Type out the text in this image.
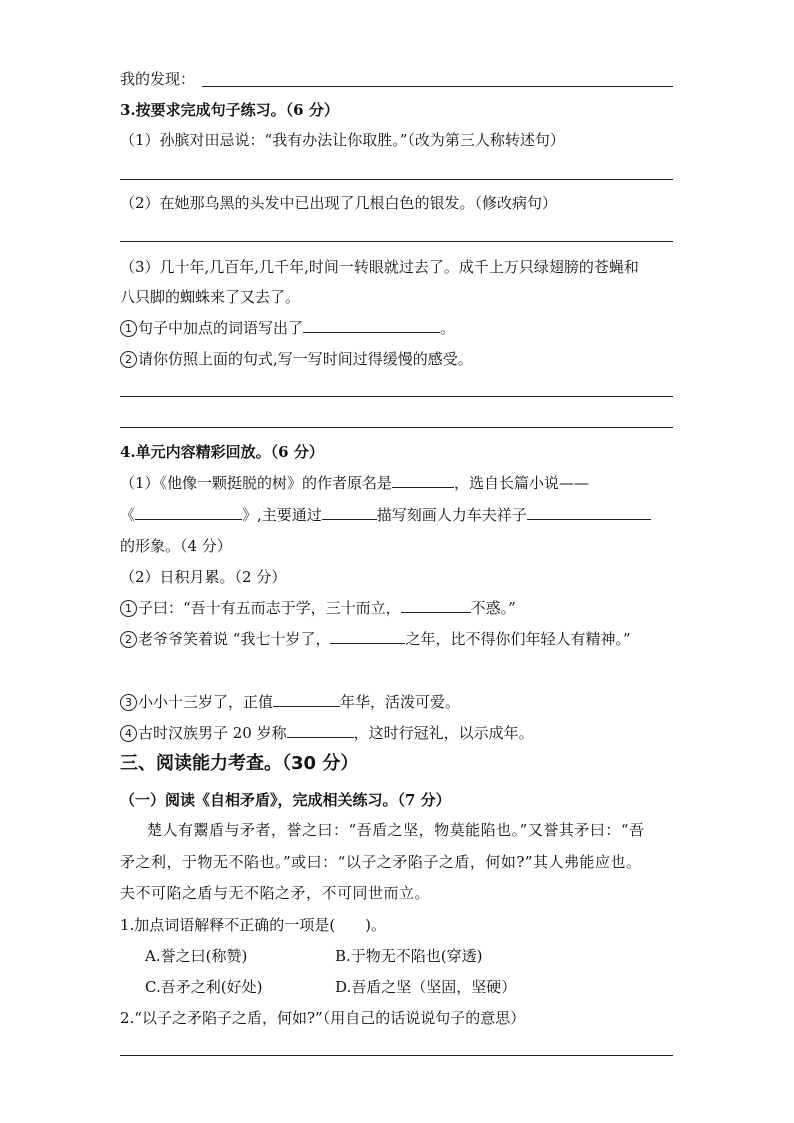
我的发现：
3.按要求完成句子练习。（6 分）
（1）孙膑对田忌说：“我有办法让你取胜。”（改为第三人称转述句）
（2）在她那乌黑的头发中已出现了几根白色的银发。（修改病句）
（3）几十年,几百年,几千年,时间一转眼就过去了。成千上万只绿翅膀的苍蝇和
八只脚的蜘蛛来了又去了。
1 句子中加点的词语写出了	。
2 请你仿照上面的句式,写一写时间过得缓慢的感受。
4.单元内容精彩回放。（6 分）
（1）《他像一颗挺脱的树》的作者原名是	，选自长篇小说——
《	》,主要通过	描写刻画人力车夫祥子
的形象。（4 分）
（2）日积月累。（2 分）
1 子曰：“吾十有五而志于学，三十而立，	不惑。”
2 老爷爷笑着说 “我七十岁了，	之年，比不得你们年轻人有精神。”
3 小小十三岁了，正值	年华，活泼可爱。
4 古时汉族男子 20 岁称	，这时行冠礼，以示成年。
三、阅读能力考查。（30 分）
（一）阅读《自相矛盾》，完成相关练习。（7 分）
楚人有鬻盾与矛者，誉之曰：“吾盾之坚，物莫能陷也。”又誉其矛曰：“吾
矛之利，于物无不陷也。”或曰：“以子之矛陷子之盾，何如?”其人弗能应也。
夫不可陷之盾与无不陷之矛，不可同世而立。
1.加点词语解释不正确的一项是(　　)。
A.誉之曰(称赞)	B.于物无不陷也(穿透)
C.吾矛之利(好处)	D.吾盾之坚（坚固，坚硬）
2.“以子之矛陷子之盾，何如?”（用自己的话说说句子的意思）
